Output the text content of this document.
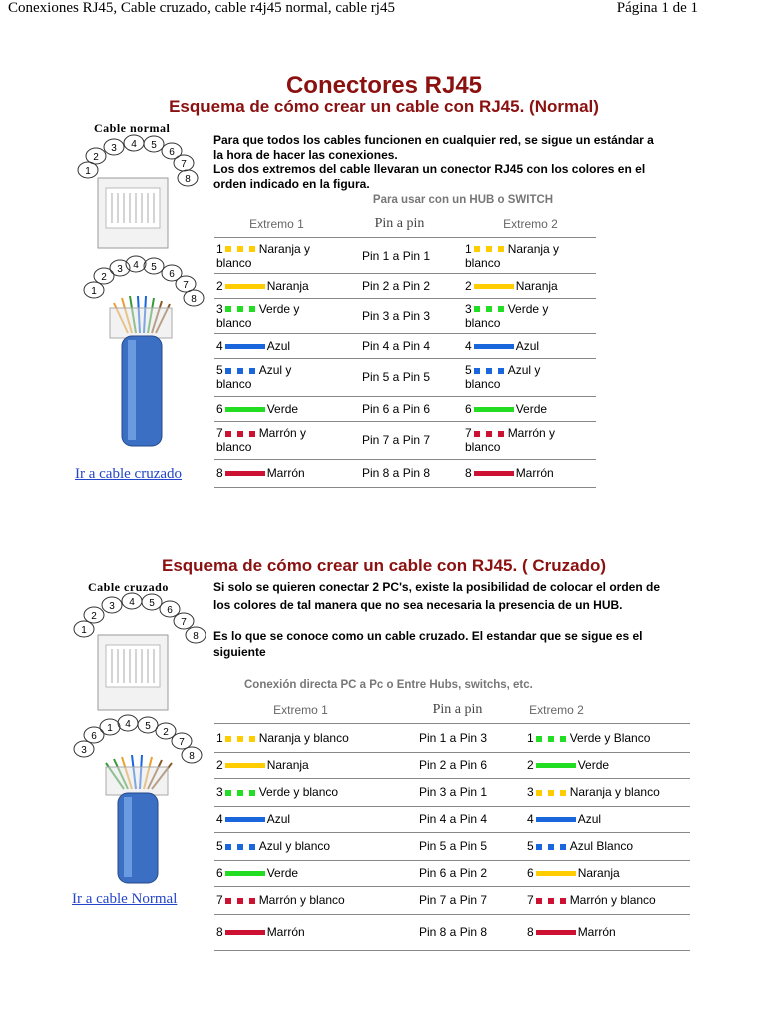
Conexiones RJ45, Cable cruzado, cable r4j45 normal, cable rj45	Página 1 de 1
Conectores RJ45
Esquema de cómo crear un cable con RJ45. (Normal)
Cable normal
1
2
3 4 5
6
7
8
1
2
3 4 5
6
7
8
Para que todos los cables funcionen en cualquier red, se sigue un estándar a
la hora de hacer las conexiones.
Los dos extremos del cable llevaran un conector RJ45 con los colores en el
orden indicado en la figura.
Para usar con un HUB o SWITCH
Extremo 1	Pin a pin	Extremo 2
1	Naranja y
blanco	Pin 1 a Pin 1	1	Naranja y
blanco
2	Naranja	Pin 2 a Pin 2	2	Naranja
3	Verde y
blanco	Pin 3 a Pin 3	3	Verde y
blanco
4	Azul	Pin 4 a Pin 4	4	Azul
5	Azul y
blanco	Pin 5 a Pin 5	5	Azul y
blanco
6	Verde	Pin 6 a Pin 6	6	Verde
7	Marrón y
blanco	Pin 7 a Pin 7	7	Marrón y
blanco
8	Marrón	Pin 8 a Pin 8	8	Marrón
Ir a cable cruzado
Esquema de cómo crear un cable con RJ45. ( Cruzado)
Cable cruzado
1
2
3 4 5
6
7
8
3
6
1 4 5
2
7
8
Si solo se quieren conectar 2 PC's, existe la posibilidad de colocar el orden de
los colores de tal manera que no sea necesaria la presencia de un HUB.
Es lo que se conoce como un cable cruzado. El estandar que se sigue es el
siguiente
Conexión directa PC a Pc o Entre Hubs, switchs, etc.
Extremo 1	Pin a pin	Extremo 2
1	Naranja y blanco	Pin 1 a Pin 3	1	Verde y Blanco
2	Naranja	Pin 2 a Pin 6	2	Verde
3	Verde y blanco	Pin 3 a Pin 1	3	Naranja y blanco
4	Azul	Pin 4 a Pin 4	4	Azul
5	Azul y blanco	Pin 5 a Pin 5	5	Azul Blanco
6	Verde	Pin 6 a Pin 2	6	Naranja
7	Marrón y blanco	Pin 7 a Pin 7	7	Marrón y blanco
8	Marrón	Pin 8 a Pin 8	8	Marrón
Ir a cable Normal
